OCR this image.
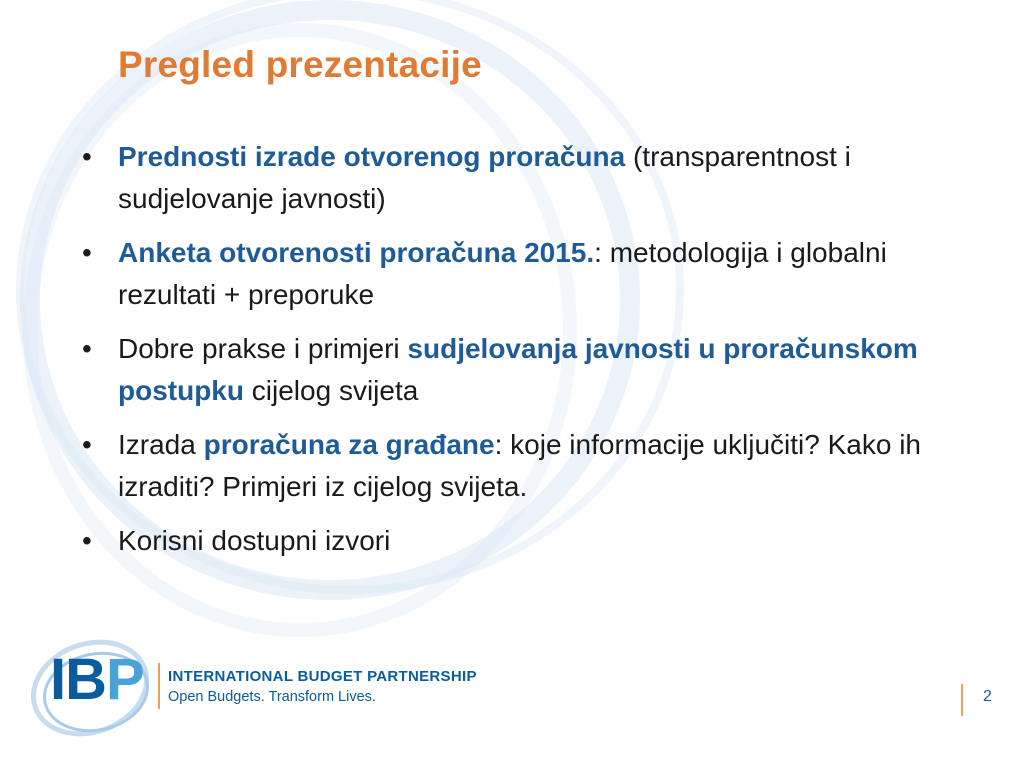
Pregled prezentacije
• Prednosti izrade otvorenog proračuna (transparentnost i sudjelovanje javnosti)
• Anketa otvorenosti proračuna 2015.: metodologija i globalni rezultati + preporuke
• Dobre prakse i primjeri sudjelovanja javnosti u proračunskom postupku cijelog svijeta
• Izrada proračuna za građane: koje informacije uključiti? Kako ih izraditi? Primjeri iz cijelog svijeta.
• Korisni dostupni izvori
IBP INTERNATIONAL BUDGET PARTNERSHIP
Open Budgets. Transform Lives.	2
